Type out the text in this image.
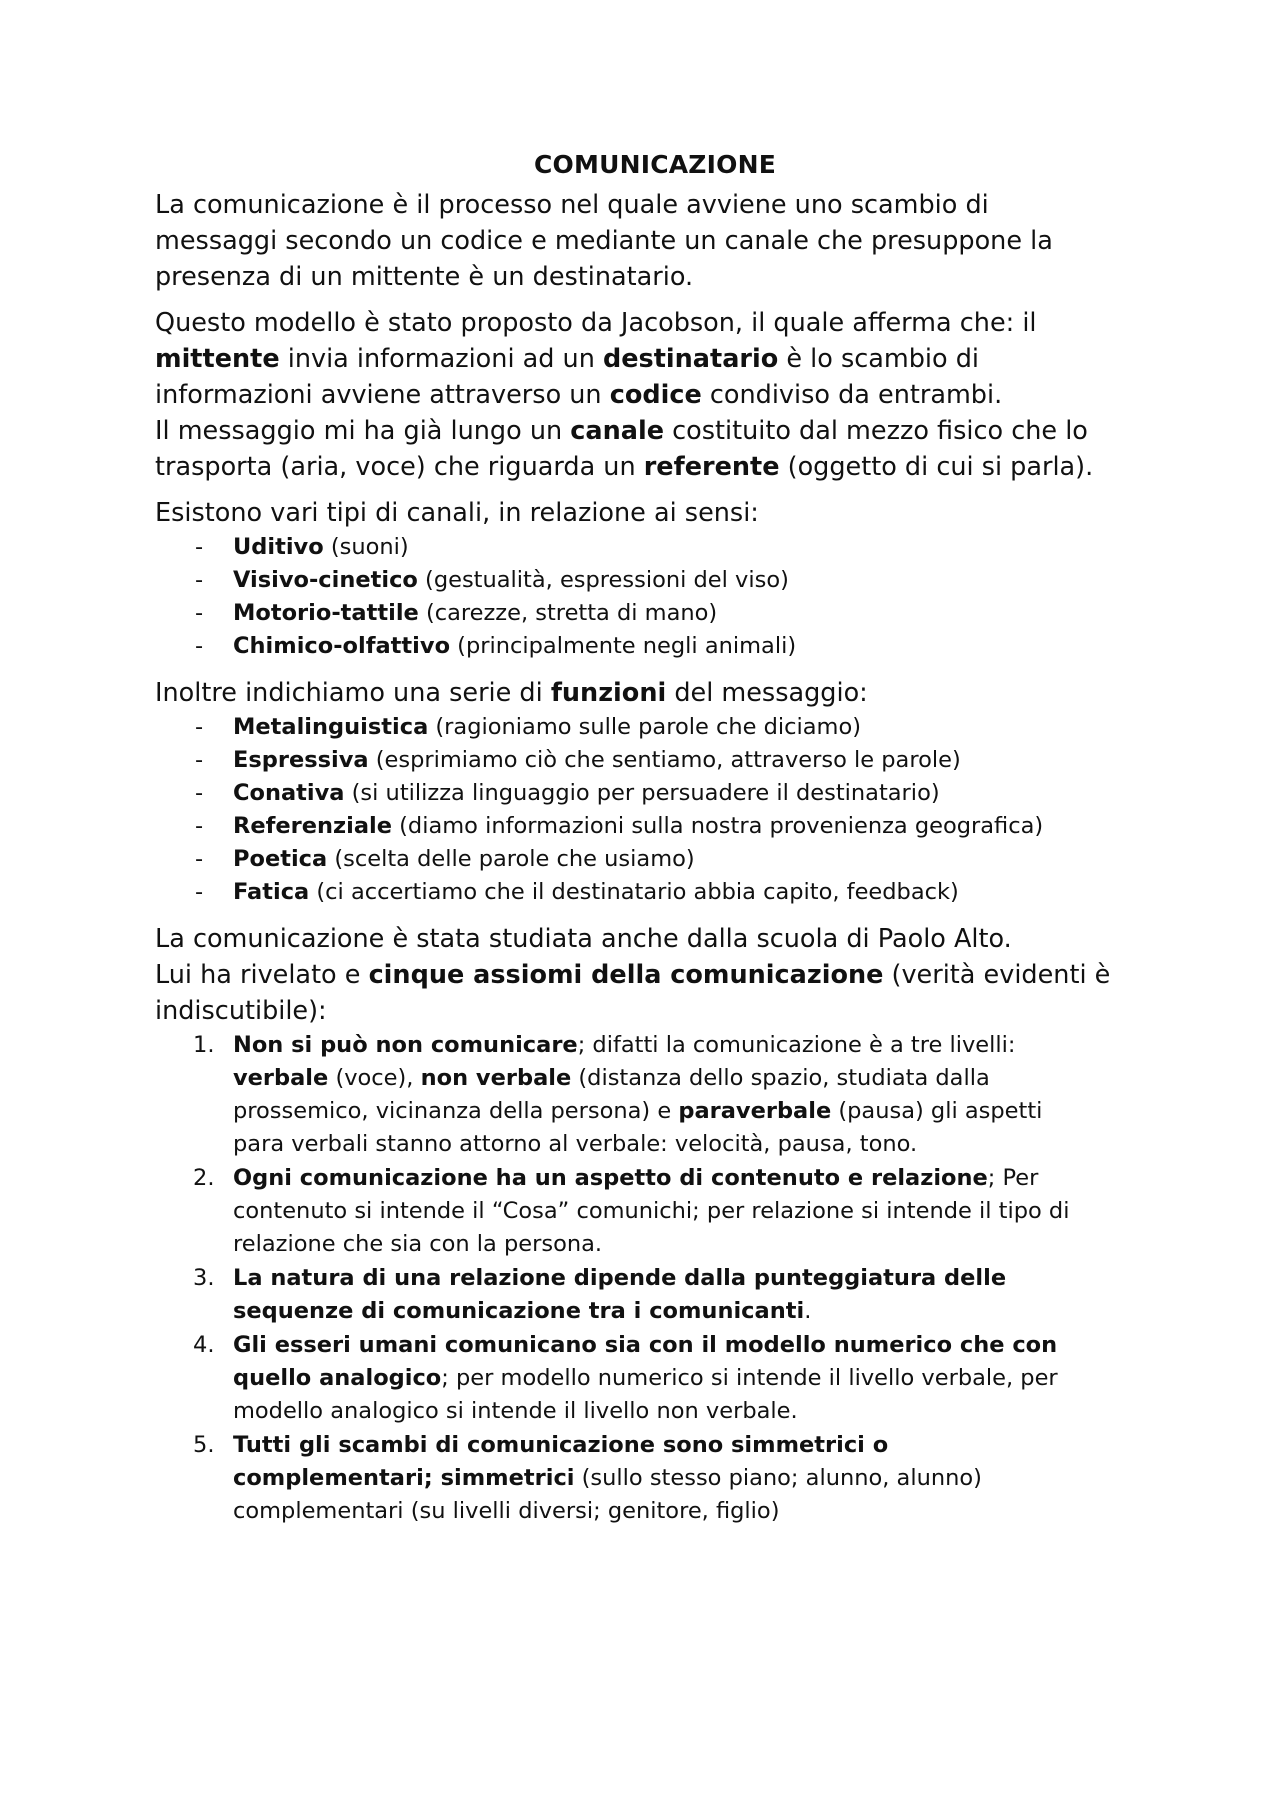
COMUNICAZIONE
La comunicazione è il processo nel quale avviene uno scambio di
messaggi secondo un codice e mediante un canale che presuppone la
presenza di un mittente è un destinatario.
Questo modello è stato proposto da Jacobson, il quale afferma che: il
mittente invia informazioni ad un destinatario è lo scambio di
informazioni avviene attraverso un codice condiviso da entrambi.
Il messaggio mi ha già lungo un canale costituito dal mezzo fisico che lo
trasporta (aria, voce) che riguarda un referente (oggetto di cui si parla).
Esistono vari tipi di canali, in relazione ai sensi:
- Uditivo (suoni)
- Visivo-cinetico (gestualità, espressioni del viso)
- Motorio-tattile (carezze, stretta di mano)
- Chimico-olfattivo (principalmente negli animali)
Inoltre indichiamo una serie di funzioni del messaggio:
- Metalinguistica (ragioniamo sulle parole che diciamo)
- Espressiva (esprimiamo ciò che sentiamo, attraverso le parole)
- Conativa (si utilizza linguaggio per persuadere il destinatario)
- Referenziale (diamo informazioni sulla nostra provenienza geografica)
- Poetica (scelta delle parole che usiamo)
- Fatica (ci accertiamo che il destinatario abbia capito, feedback)
La comunicazione è stata studiata anche dalla scuola di Paolo Alto.
Lui ha rivelato e cinque assiomi della comunicazione (verità evidenti è
indiscutibile):
1. Non si può non comunicare; difatti la comunicazione è a tre livelli:
verbale (voce), non verbale (distanza dello spazio, studiata dalla
prossemico, vicinanza della persona) e paraverbale (pausa) gli aspetti
para verbali stanno attorno al verbale: velocità, pausa, tono.
2. Ogni comunicazione ha un aspetto di contenuto e relazione; Per
contenuto si intende il “Cosa” comunichi; per relazione si intende il tipo di
relazione che sia con la persona.
3. La natura di una relazione dipende dalla punteggiatura delle
sequenze di comunicazione tra i comunicanti.
4. Gli esseri umani comunicano sia con il modello numerico che con
quello analogico; per modello numerico si intende il livello verbale, per
modello analogico si intende il livello non verbale.
5. Tutti gli scambi di comunicazione sono simmetrici o
complementari; simmetrici (sullo stesso piano; alunno, alunno)
complementari (su livelli diversi; genitore, figlio)
